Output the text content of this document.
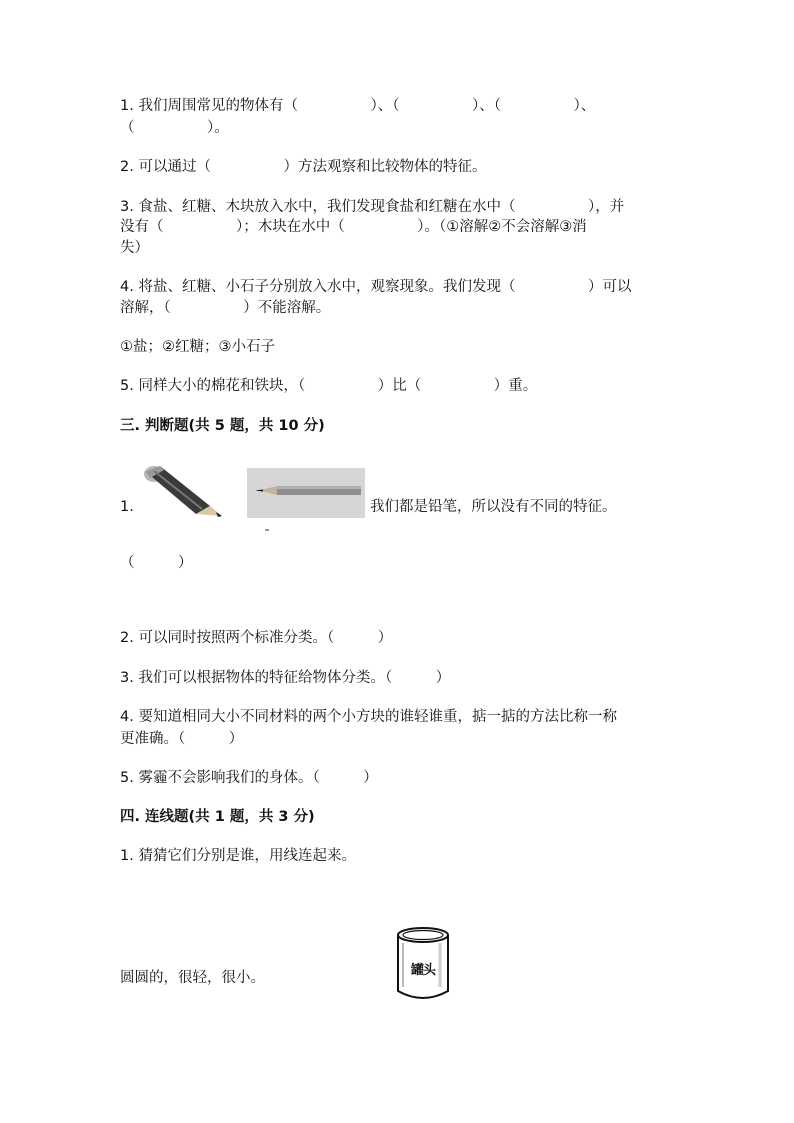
1. 我们周围常见的物体有（　　　　　）、（　　　　　）、（　　　　　）、
（　　　　　）。
2. 可以通过（　　　　　）方法观察和比较物体的特征。
3. 食盐、红糖、木块放入水中，我们发现食盐和红糖在水中（　　　　　），并
没有（　　　　　）；木块在水中（　　　　　）。（①溶解②不会溶解③消
失）
4. 将盐、红糖、小石子分别放入水中，观察现象。我们发现（　　　　　）可以
溶解，（　　　　　）不能溶解。
①盐；②红糖；③小石子
5. 同样大小的棉花和铁块，（　　　　　）比（　　　　　）重。
三. 判断题(共 5 题，共 10 分)
1.	我们都是铅笔，所以没有不同的特征。
（　　　）
2. 可以同时按照两个标准分类。（　　　）
3. 我们可以根据物体的特征给物体分类。（　　　）
4. 要知道相同大小不同材料的两个小方块的谁轻谁重，掂一掂的方法比称一称
更准确。（　　　）
5. 雾霾不会影响我们的身体。（　　　）
四. 连线题(共 1 题，共 3 分)
1. 猜猜它们分别是谁，用线连起来。
圆圆的，很轻，很小。	罐头
